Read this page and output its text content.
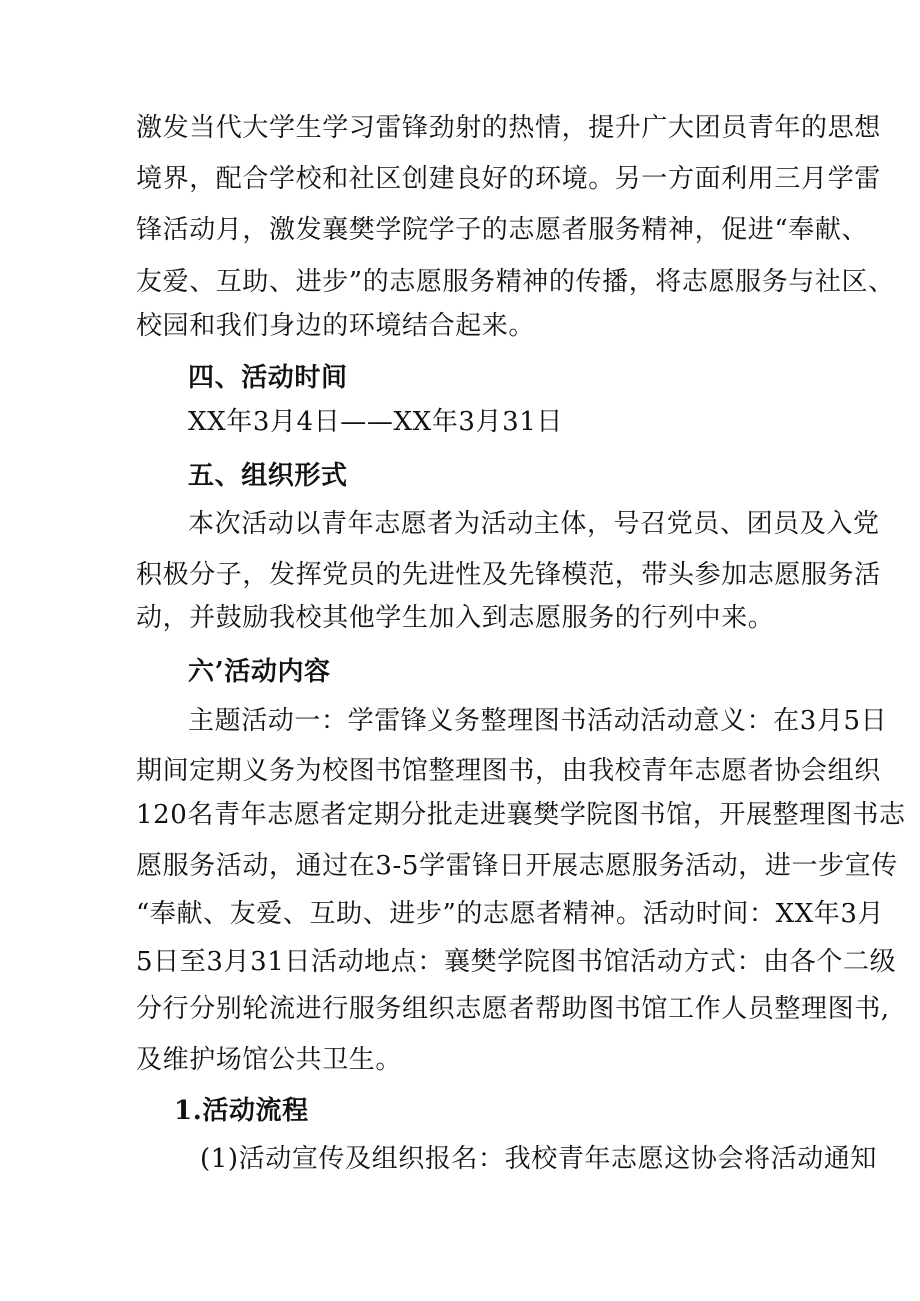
激发当代大学生学习雷锋劲射的热情，提升广大团员青年的思想
境界，配合学校和社区创建良好的环境。另一方面利用三月学雷
锋活动月，激发襄樊学院学子的志愿者服务精神，促进“奉献、
友爱、互助、进步”的志愿服务精神的传播，将志愿服务与社区、
校园和我们身边的环境结合起来。
四、活动时间
XX年3月4日——XX年3月31日
五、组织形式
本次活动以青年志愿者为活动主体，号召党员、团员及入党
积极分子，发挥党员的先进性及先锋模范，带头参加志愿服务活
动，并鼓励我校其他学生加入到志愿服务的行列中来。
六’活动内容
主题活动一：学雷锋义务整理图书活动活动意义：在3月5日
期间定期义务为校图书馆整理图书，由我校青年志愿者协会组织
120名青年志愿者定期分批走进襄樊学院图书馆，开展整理图书志
愿服务活动，通过在3-5学雷锋日开展志愿服务活动，进一步宣传
“奉献、友爱、互助、进步”的志愿者精神。活动时间：XX年3月
5日至3月31日活动地点：襄樊学院图书馆活动方式：由各个二级
分行分别轮流进行服务组织志愿者帮助图书馆工作人员整理图书,
及维护场馆公共卫生。
1.活动流程
(1)活动宣传及组织报名：我校青年志愿这协会将活动通知
